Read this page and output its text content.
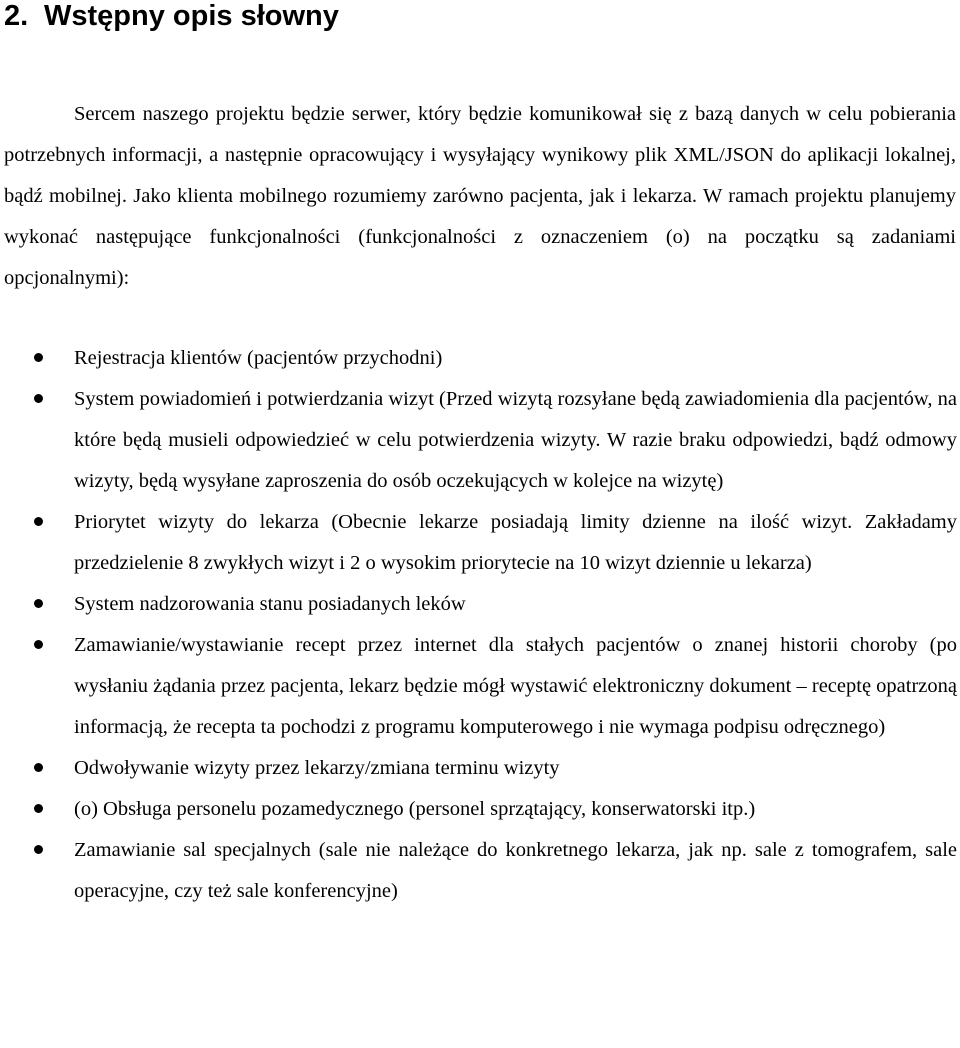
2. Wstępny opis słowny

Sercem naszego projektu będzie serwer, który będzie komunikował się z bazą danych w celu pobierania potrzebnych informacji, a następnie opracowujący i wysyłający wynikowy plik XML/JSON do aplikacji lokalnej, bądź mobilnej. Jako klienta mobilnego rozumiemy zarówno pacjenta, jak i lekarza. W ramach projektu planujemy wykonać następujące funkcjonalności (funkcjonalności z oznaczeniem (o) na początku są zadaniami opcjonalnymi):

Rejestracja klientów (pacjentów przychodni)
System powiadomień i potwierdzania wizyt (Przed wizytą rozsyłane będą zawiadomienia dla pacjentów, na które będą musieli odpowiedzieć w celu potwierdzenia wizyty. W razie braku odpowiedzi, bądź odmowy wizyty, będą wysyłane zaproszenia do osób oczekujących w kolejce na wizytę)
Priorytet wizyty do lekarza (Obecnie lekarze posiadają limity dzienne na ilość wizyt. Zakładamy przedzielenie 8 zwykłych wizyt i 2 o wysokim priorytecie na 10 wizyt dziennie u lekarza)
System nadzorowania stanu posiadanych leków
Zamawianie/wystawianie recept przez internet dla stałych pacjentów o znanej historii choroby (po wysłaniu żądania przez pacjenta, lekarz będzie mógł wystawić elektroniczny dokument – receptę opatrzoną informacją, że recepta ta pochodzi z programu komputerowego i nie wymaga podpisu odręcznego)
Odwoływanie wizyty przez lekarzy/zmiana terminu wizyty
(o) Obsługa personelu pozamedycznego (personel sprzątający, konserwatorski itp.)
Zamawianie sal specjalnych (sale nie należące do konkretnego lekarza, jak np. sale z tomografem, sale operacyjne, czy też sale konferencyjne)
